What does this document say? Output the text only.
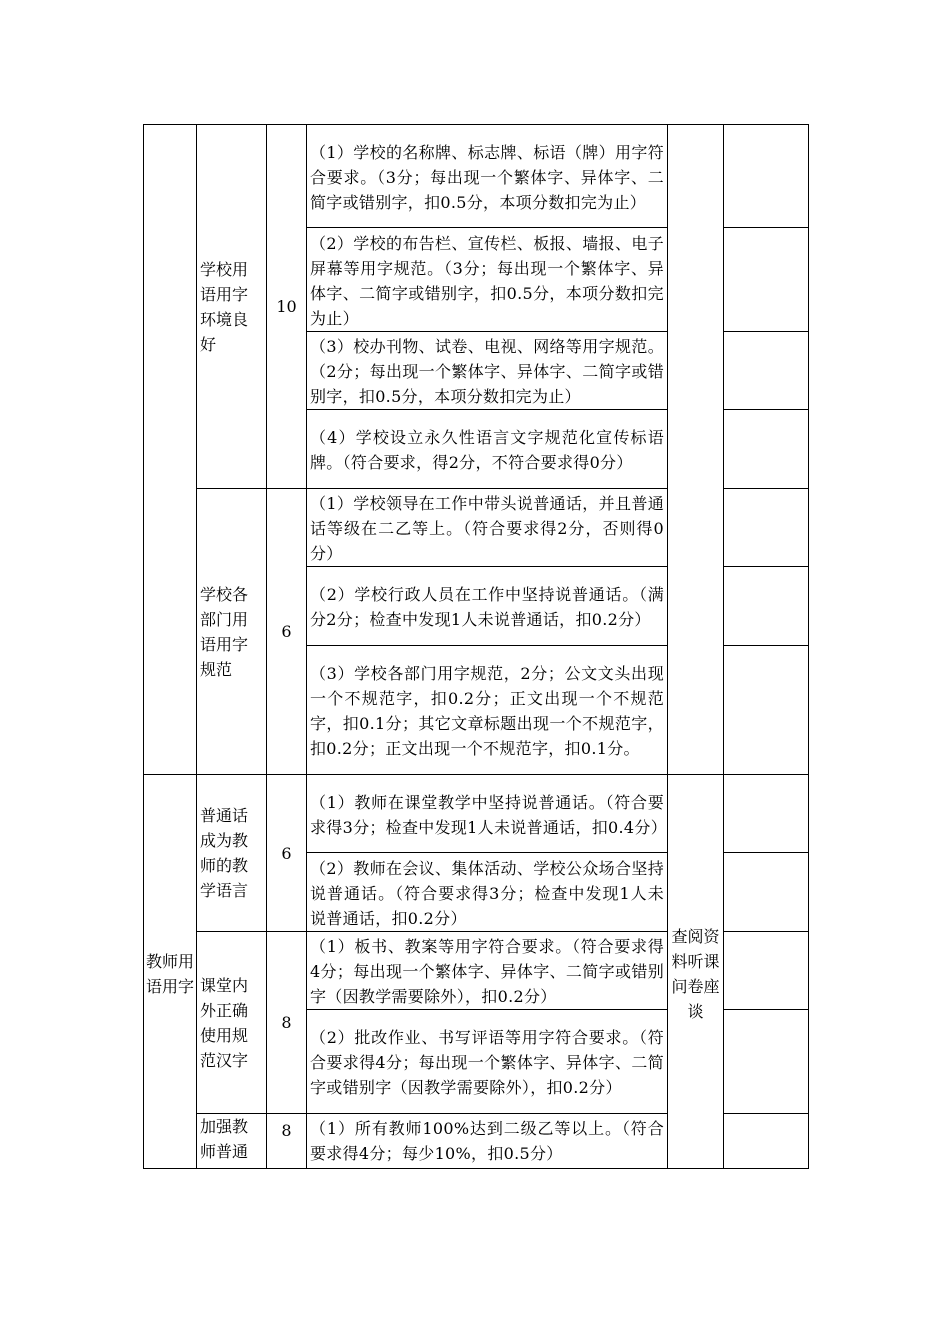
	学校用语用字环境良好	10	（1）学校的名称牌、标志牌、标语（牌）用字符合要求。（3分；每出现一个繁体字、异体字、二简字或错别字，扣0.5分，本项分数扣完为止）		
			（2）学校的布告栏、宣传栏、板报、墙报、电子屏幕等用字规范。（3分；每出现一个繁体字、异体字、二简字或错别字，扣0.5分，本项分数扣完为止）		
			（3）校办刊物、试卷、电视、网络等用字规范。（2分；每出现一个繁体字、异体字、二简字或错别字，扣0.5分，本项分数扣完为止）		
			（4）学校设立永久性语言文字规范化宣传标语牌。（符合要求，得2分，不符合要求得0分）		
	学校各部门用语用字规范	6	（1）学校领导在工作中带头说普通话，并且普通话等级在二乙等上。（符合要求得2分，否则得0分）		
			（2）学校行政人员在工作中坚持说普通话。（满分2分；检查中发现1人未说普通话，扣0.2分）		
			（3）学校各部门用字规范，2分；公文文头出现一个不规范字，扣0.2分；正文出现一个不规范字，扣0.1分；其它文章标题出现一个不规范字，扣0.2分；正文出现一个不规范字，扣0.1分。		

教师用语用字	普通话成为教师的教学语言	6	（1）教师在课堂教学中坚持说普通话。（符合要求得3分；检查中发现1人未说普通话，扣0.4分）	查阅资料听课问卷座谈	
			（2）教师在会议、集体活动、学校公众场合坚持说普通话。（符合要求得3分；检查中发现1人未说普通话，扣0.2分）		
	课堂内外正确使用规范汉字	8	（1）板书、教案等用字符合要求。（符合要求得4分；每出现一个繁体字、异体字、二简字或错别字（因教学需要除外），扣0.2分）		
			（2）批改作业、书写评语等用字符合要求。（符合要求得4分；每出现一个繁体字、异体字、二简字或错别字（因教学需要除外），扣0.2分）		
	加强教师普通	8	（1）所有教师100%达到二级乙等以上。（符合要求得4分；每少10%，扣0.5分）		
